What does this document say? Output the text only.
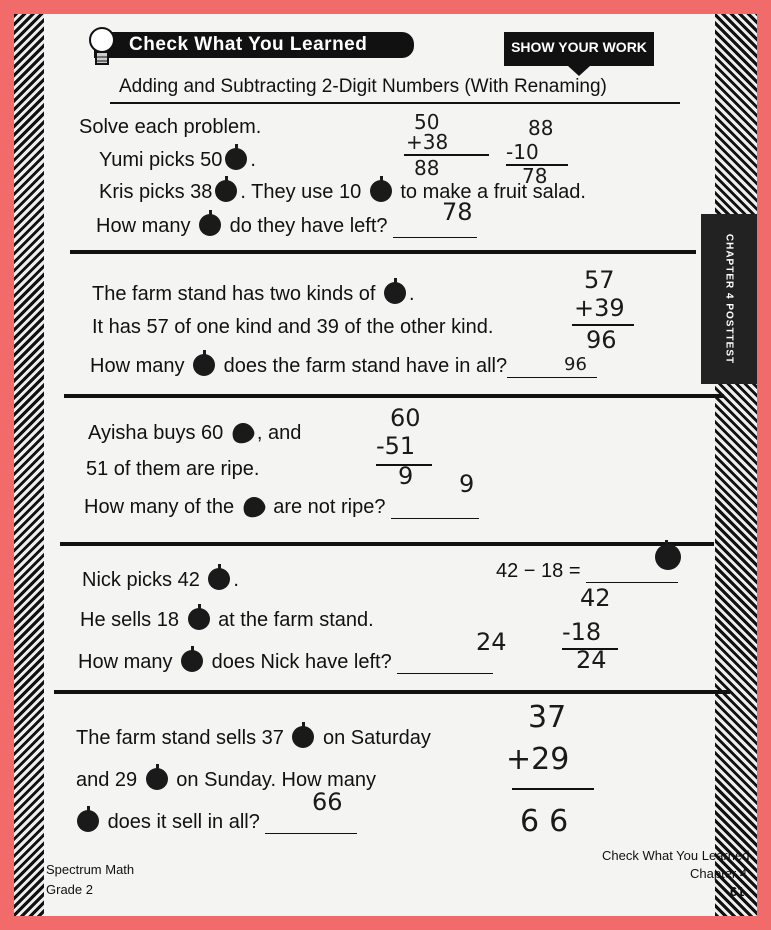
CHAPTER 4 POSTTEST
Check What You Learned	SHOW YOUR WORK
Adding and Subtracting 2-Digit Numbers (With Renaming)
Solve each problem.
Yumi picks 50 .
Kris picks 38 . They use 10 to make a fruit salad.
How many do they have left?	78
50
+38
88
88
-10
78
The farm stand has two kinds of .
It has 57 of one kind and 39 of the other kind.
How many does the farm stand have in all?	96
57
+39
96
Ayisha buys 60 , and
51 of them are ripe.
How many of the are not ripe?
9
60
-51
9
Nick picks 42 .
He sells 18 at the farm stand.
How many does Nick have left?
24
42 − 18 =
42
-18
24
The farm stand sells 37 on Saturday
and 29 on Sunday. How many
does it sell in all?
66
37
+29
66
Spectrum Math
Grade 2
Check What You Learned
Chapter 4
61
